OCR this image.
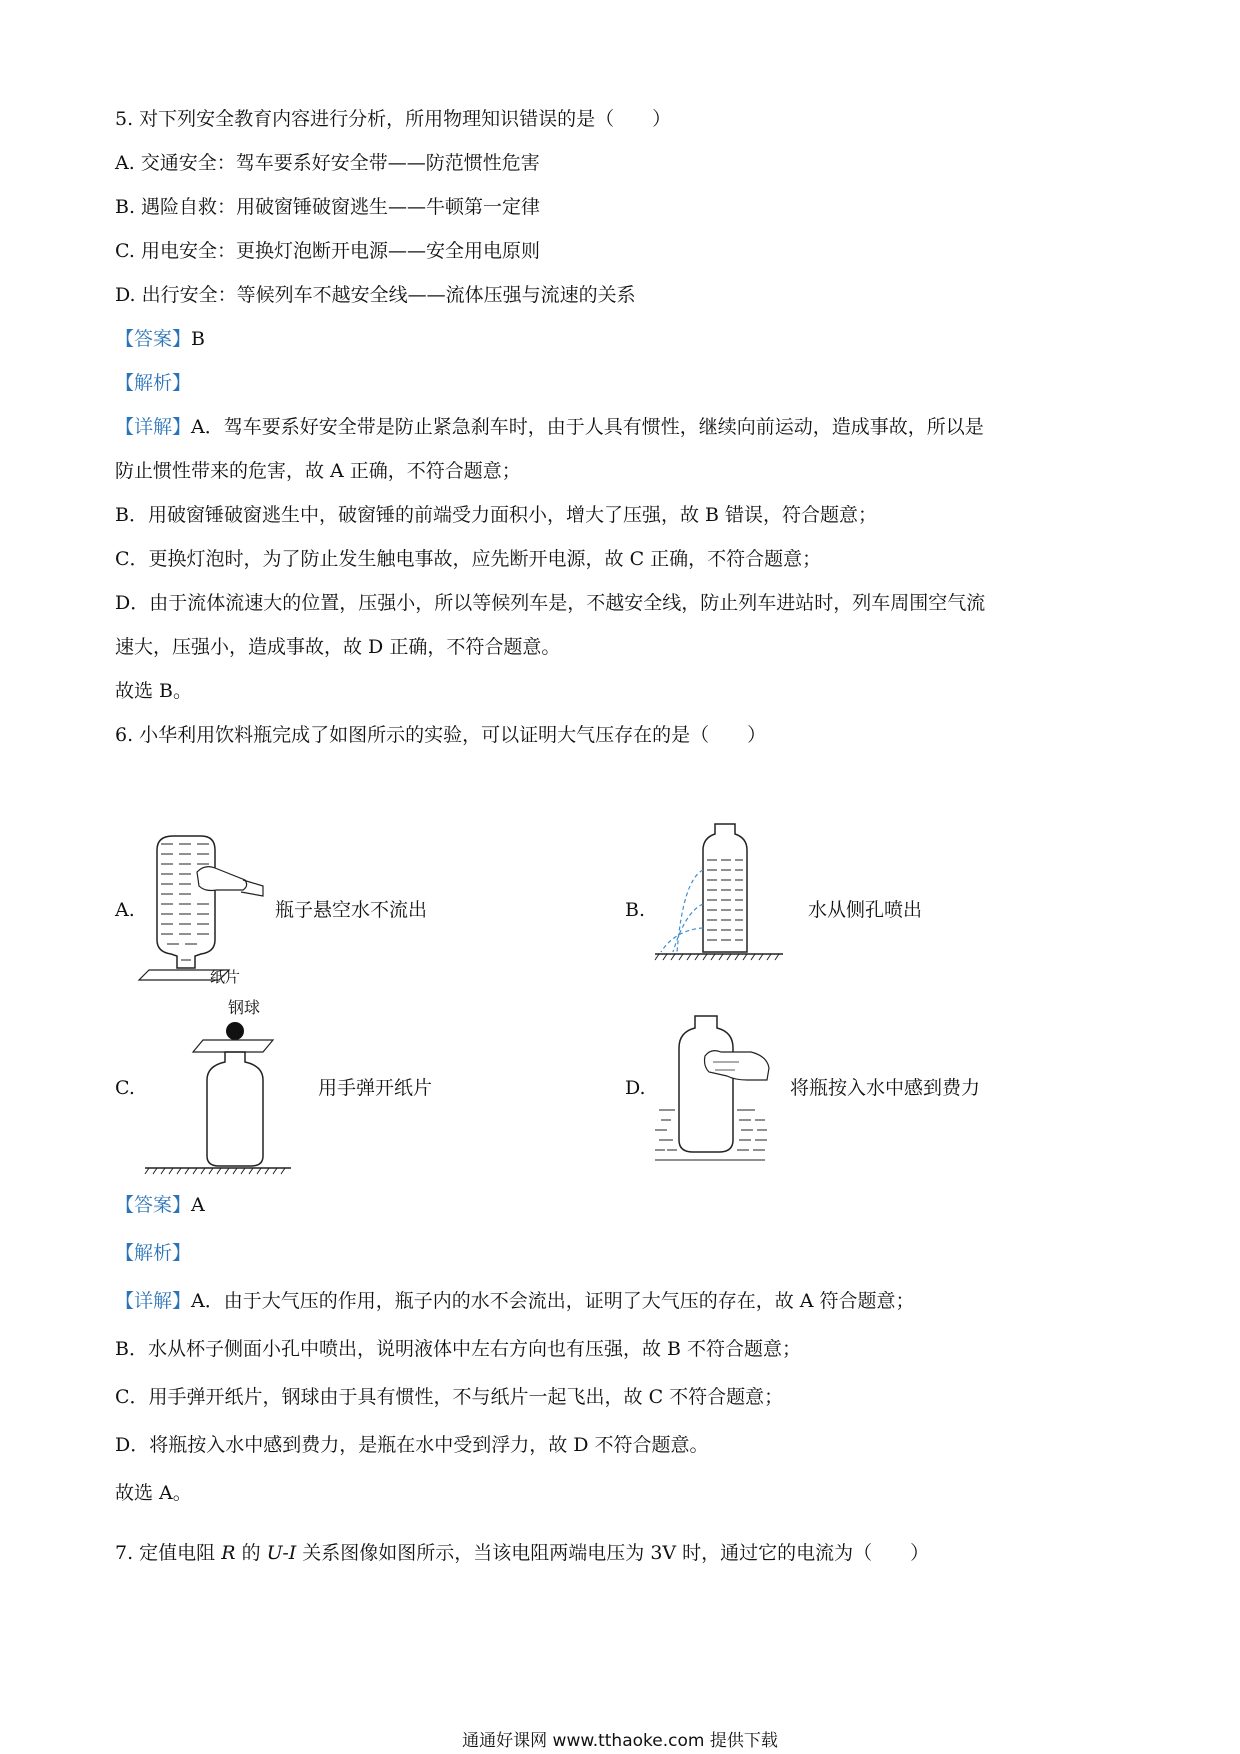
5. 对下列安全教育内容进行分析，所用物理知识错误的是（　　）
A. 交通安全：驾车要系好安全带——防范惯性危害
B. 遇险自救：用破窗锤破窗逃生——牛顿第一定律
C. 用电安全：更换灯泡断开电源——安全用电原则
D. 出行安全：等候列车不越安全线——流体压强与流速的关系
【答案】B
【解析】
【详解】A．驾车要系好安全带是防止紧急刹车时，由于人具有惯性，继续向前运动，造成事故，所以是
防止惯性带来的危害，故 A 正确，不符合题意；
B．用破窗锤破窗逃生中，破窗锤的前端受力面积小，增大了压强，故 B 错误，符合题意；
C．更换灯泡时，为了防止发生触电事故，应先断开电源，故 C 正确，不符合题意；
D．由于流体流速大的位置，压强小，所以等候列车是，不越安全线，防止列车进站时，列车周围空气流
速大，压强小，造成事故，故 D 正确，不符合题意。
故选 B。
6. 小华利用饮料瓶完成了如图所示的实验，可以证明大气压存在的是（　　）
A.
纸片
瓶子悬空水不流出	B.	水从侧孔喷出
C.
钢球
用手弹开纸片	D.	将瓶按入水中感到费力
【答案】A
【解析】
【详解】A．由于大气压的作用，瓶子内的水不会流出，证明了大气压的存在，故 A 符合题意；
B．水从杯子侧面小孔中喷出，说明液体中左右方向也有压强，故 B 不符合题意；
C．用手弹开纸片，钢球由于具有惯性，不与纸片一起飞出，故 C 不符合题意；
D．将瓶按入水中感到费力，是瓶在水中受到浮力，故 D 不符合题意。
故选 A。
7. 定值电阻 R 的 U-I 关系图像如图所示，当该电阻两端电压为 3V 时，通过它的电流为（　　）
通通好课网 www.tthaoke.com 提供下载
